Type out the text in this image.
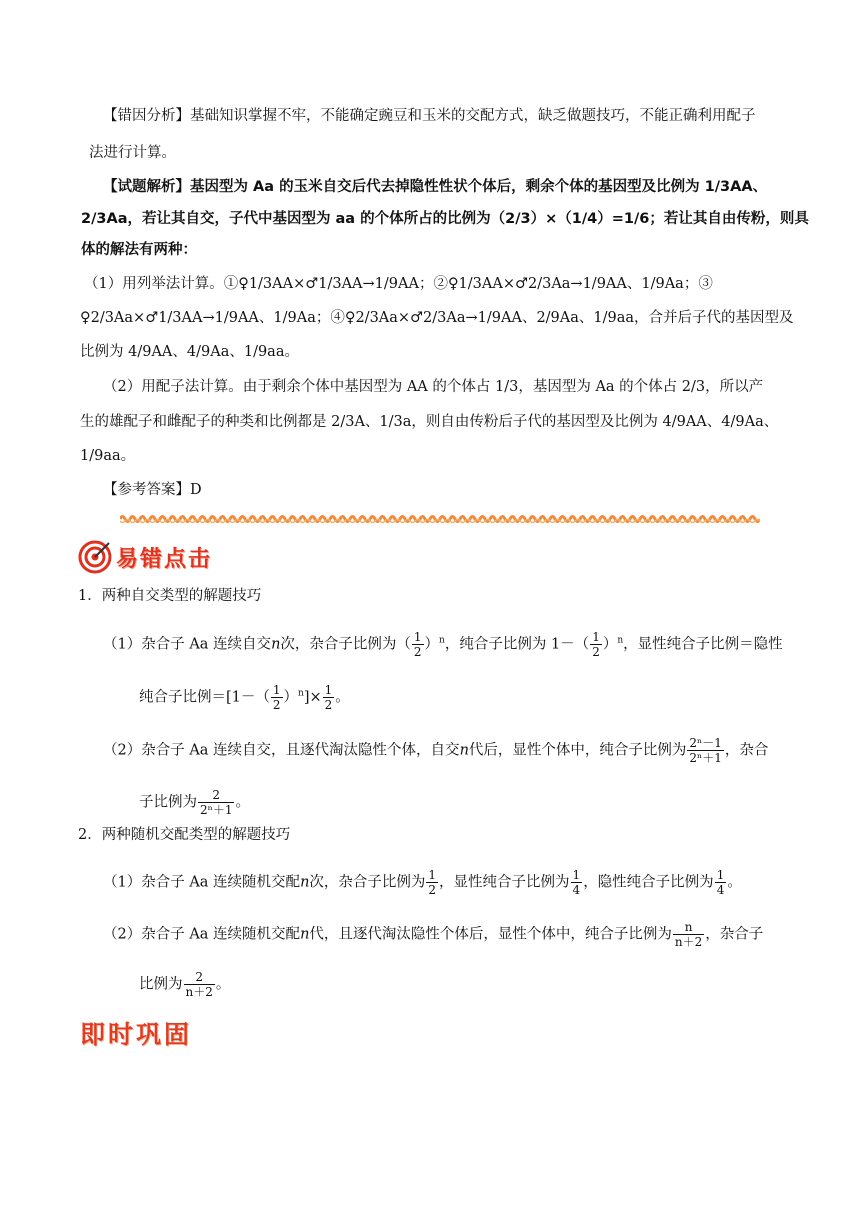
【错因分析】基础知识掌握不牢，不能确定豌豆和玉米的交配方式，缺乏做题技巧，不能正确利用配子
法进行计算。
【试题解析】基因型为 Aa 的玉米自交后代去掉隐性性状个体后，剩余个体的基因型及比例为 1/3AA、
2/3Aa，若让其自交，子代中基因型为 aa 的个体所占的比例为（2/3）×（1/4）=1/6；若让其自由传粉，则具
体的解法有两种：
（1）用列举法计算。①♀1/3AA×♂1/3AA→1/9AA；②♀1/3AA×♂2/3Aa→1/9AA、1/9Aa；③
♀2/3Aa×♂1/3AA→1/9AA、1/9Aa；④♀2/3Aa×♂2/3Aa→1/9AA、2/9Aa、1/9aa，合并后子代的基因型及
比例为 4/9AA、4/9Aa、1/9aa。
（2）用配子法计算。由于剩余个体中基因型为 AA 的个体占 1/3，基因型为 Aa 的个体占 2/3，所以产
生的雄配子和雌配子的种类和比例都是 2/3A、1/3a，则自由传粉后子代的基因型及比例为 4/9AA、4/9Aa、
1/9aa。
【参考答案】D
易错点击
1．两种自交类型的解题技巧
（1）杂合子 Aa 连续自交n次，杂合子比例为（ $\frac{1}{2} )^n$，纯合子比例为 $1-( \frac{1}{2} )^n$，显性纯合子比例＝隐性
纯合子比例$=[1-( \frac{1}{2} )^n]\times \frac{1}{2}$ 。
（2）杂合子 Aa 连续自交，且逐代淘汰隐性个体，自交n代后，显性个体中，纯合子比例为 $\frac{\text{2ⁿ－1}}{\text{2ⁿ＋1}}$ ，杂合
子比例为 $\frac{2}{\text{2ⁿ＋1}}$ 。
2．两种随机交配类型的解题技巧
（1）杂合子 Aa 连续随机交配n次，杂合子比例为 $\frac{1}{2}$ ，显性纯合子比例为 $\frac{1}{4}$ ，隐性纯合子比例为 $\frac{1}{4}$ 。
（2）杂合子 Aa 连续随机交配n代，且逐代淘汰隐性个体后，显性个体中，纯合子比例为 $\frac{n}{n+2}$ ，杂合子
比例为 $\frac{2}{n+2}$ 。
即时巩固
